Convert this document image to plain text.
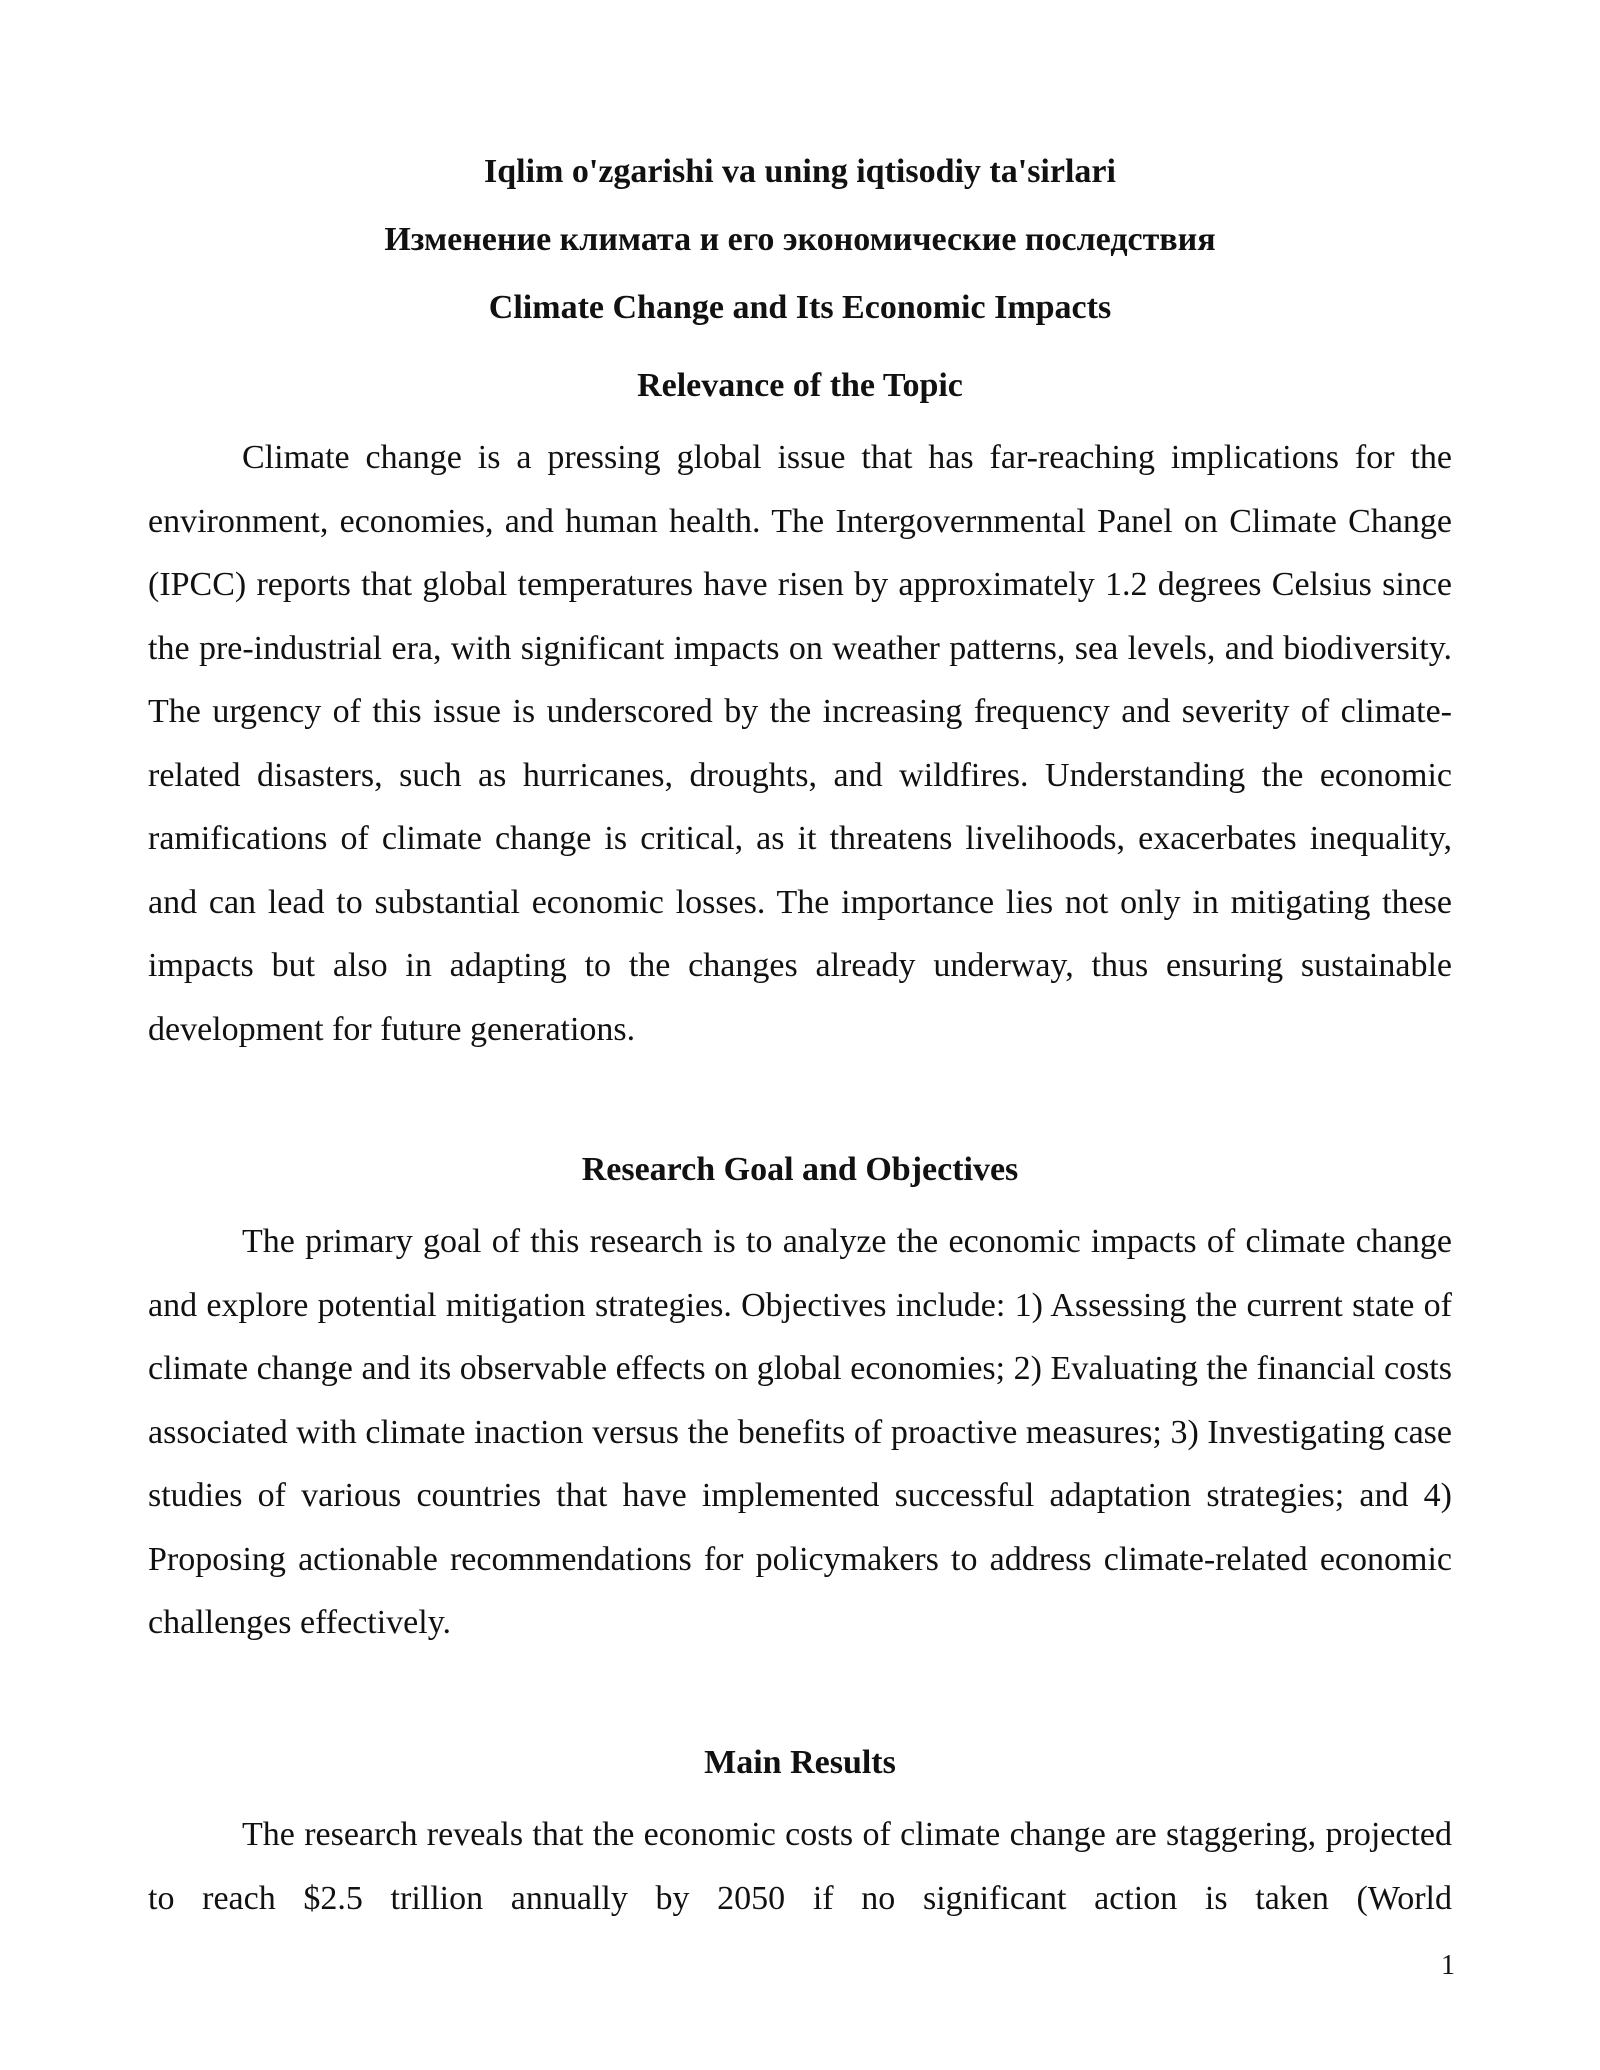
Iqlim o'zgarishi va uning iqtisodiy ta'sirlari
Изменение климата и его экономические последствия
Climate Change and Its Economic Impacts
Relevance of the Topic

Climate change is a pressing global issue that has far-reaching implications for the environment, economies, and human health. The Intergovernmental Panel on Climate Change (IPCC) reports that global temperatures have risen by approximately 1.2 degrees Celsius since the pre-industrial era, with significant impacts on weather patterns, sea levels, and biodiversity. The urgency of this issue is underscored by the increasing frequency and severity of climate-related disasters, such as hurricanes, droughts, and wildfires. Understanding the economic ramifications of climate change is critical, as it threatens livelihoods, exacerbates inequality, and can lead to substantial economic losses. The importance lies not only in mitigating these impacts but also in adapting to the changes already underway, thus ensuring sustainable development for future generations.

Research Goal and Objectives

The primary goal of this research is to analyze the economic impacts of climate change and explore potential mitigation strategies. Objectives include: 1) Assessing the current state of climate change and its observable effects on global economies; 2) Evaluating the financial costs associated with climate inaction versus the benefits of proactive measures; 3) Investigating case studies of various countries that have implemented successful adaptation strategies; and 4) Proposing actionable recommendations for policymakers to address climate-related economic challenges effectively.

Main Results

The research reveals that the economic costs of climate change are staggering, projected to reach $2.5 trillion annually by 2050 if no significant action is taken (World

1
